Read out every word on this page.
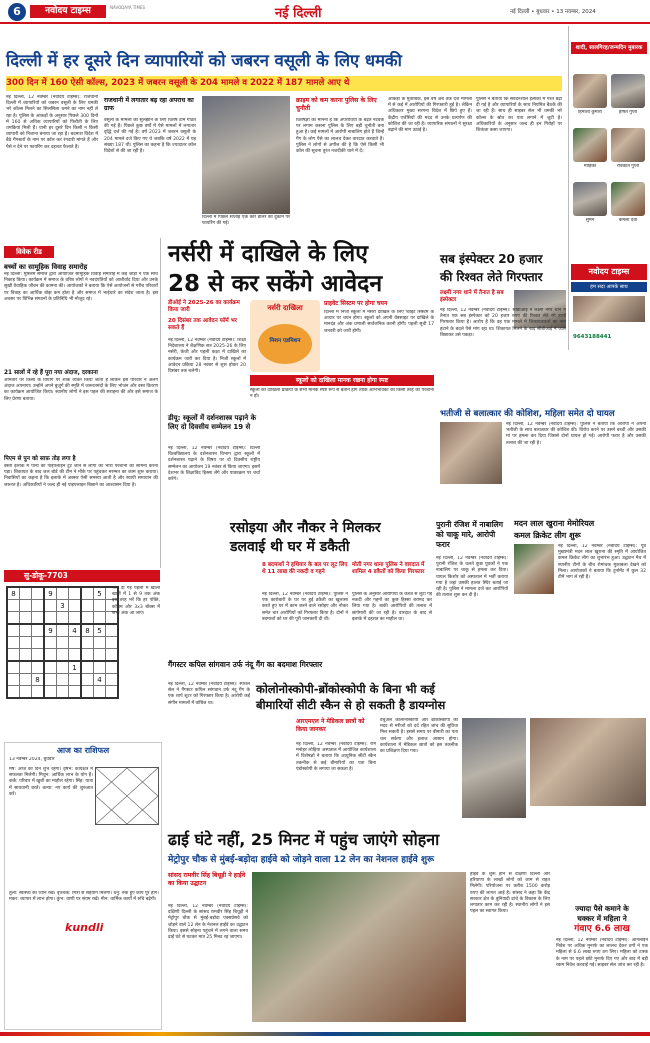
6	नवोदय टाइम्स	NAVODAYA TIMES	नई दिल्ली	नई दिल्ली • बुधवार • 13 नवम्बर, 2024
दिल्ली में हर दूसरे दिन व्यापारियों को जबरन वसूली के लिए धमकी
300 दिन में 160 ऐसी कॉल्स, 2023 में जबरन वसूली के 204 मामले व 2022 में 187 मामले आए थे
नई दिल्ली, 12 नवम्बर (नवोदय टाइम्स): राजधानी दिल्ली में व्यापारियों को जबरन वसूली के लिए धमकी भरे कॉल्स मिलने का सिलसिला थमने का नाम नहीं ले रहा है। पुलिस के आंकड़ों के अनुसार पिछले 300 दिनों में 160 से अधिक व्यापारियों को फिरौती के लिए धमकियां मिली हैं। यानी हर दूसरे दिन किसी न किसी व्यापारी को निशाना बनाया जा रहा है। बदमाश विदेश में बैठे गैंगस्टरों के नाम पर कॉल कर रंगदारी मांगते हैं और पैसे न देने पर फायरिंग कर दहशत फैलाते हैं।
राजधानी में लगातार बढ़ रहा अपराध का ग्राफ
वसूली के मामलों को सुलझाने के लिए विशेष टीमें गठित की गई हैं। पिछले कुछ वर्षों में ऐसे मामलों में लगातार वृद्धि दर्ज की गई है। वर्ष 2023 में जबरन वसूली के 204 मामले दर्ज किए गए थे जबकि वर्ष 2022 में यह संख्या 187 थी। पुलिस का कहना है कि ज्यादातर कॉल विदेशों से की जा रही हैं।
दिल्ली में पिछले सप्ताह एक कार डीलर की दुकान पर फायरिंग की गई।
क्राइम को कम करना पुलिस के लिए चुनौती
विशेषज्ञों का मानना है कि अपराधियों के बढ़ते नेटवर्क पर लगाम कसना पुलिस के लिए बड़ी चुनौती बना हुआ है। कई मामलों में आरोपी नाबालिग होते हैं जिन्हें गैंग के लोग पैसे का लालच देकर वारदात करवाते हैं। पुलिस ने लोगों से अपील की है कि ऐसे किसी भी कॉल की सूचना तुरंत नजदीकी थाने में दें।
आंकड़ों के मुताबिक, इस वर्ष अब तक दर्ज मामलों में से कई में आरोपियों की गिरफ्तारी हुई है। लेकिन अधिकतर मुख्य सरगना विदेश में छिपे हुए हैं। केंद्रीय एजेंसियों की मदद से उनके प्रत्यर्पण की कोशिश की जा रही है। व्यापारिक संगठनों ने सुरक्षा बढ़ाने की मांग उठाई है।
पुलिस ने बताया कि संवेदनशील इलाकों में गश्त बढ़ा दी गई है और व्यापारियों के साथ नियमित बैठकें की जा रही हैं। साथ ही साइबर सेल भी धमकी भरे कॉल्स के स्रोत का पता लगाने में जुटी है। अधिकारियों के अनुसार जल्द ही इन गिरोहों पर शिकंजा कसा जाएगा।
शादी, सालगिरह/जन्मदिन मुबारक
हिमांशी कुमारी	हर्षित गुप्ता
माहिका	रविकांत गुप्ता
सुमन	कमला देवी
नवोदय टाइम्स
हम सदा आपके साथ
9643188441
विवेक रीड
बच्चों का सामूहिक विवाह समारोह
नई दिल्ली: मुस्लिम समाज द्वारा आयोजित सामूहिक विवाह समारोह में कई जोड़ों ने एक साथ निकाह किया। कार्यक्रम में समाज के वरिष्ठ लोगों ने नवदंपतियों को आशीर्वाद दिया और उनके सुखी वैवाहिक जीवन की कामना की। आयोजकों ने बताया कि ऐसे आयोजनों से गरीब परिवारों पर विवाह का आर्थिक बोझ कम होता है और समाज में भाईचारे का संदेश जाता है। इस अवसर पर विभिन्न संगठनों के प्रतिनिधि भी मौजूद रहे।
21 सालों में रहे हैं पूरा नया अंदाज, दरकाना
आमतौर पर किसी के वियोग पर शोक व्यक्त किया जाता है लेकिन इस परिवार ने अलग अंदाज अपनाया। उन्होंने अपने बुजुर्ग की स्मृति में जरूरतमंदों के लिए भोजन और वस्त्र वितरण का कार्यक्रम आयोजित किया। स्थानीय लोगों ने इस पहल की सराहना की और इसे समाज के लिए प्रेरणा बताया।
पिएम से पुन को साफ़ तोड़ लगा है
बस्ती इलाके में पानी की पाइपलाइन टूट जाने से लोगों को भारी परेशानी का सामना करना पड़ा। शिकायत के बाद जल बोर्ड की टीम ने मौके पर पहुंचकर मरम्मत का काम शुरू कराया। निवासियों का कहना है कि इलाके में अक्सर ऐसी समस्या आती है और स्थायी समाधान की जरूरत है। अधिकारियों ने जल्द ही नई पाइपलाइन बिछाने का आश्वासन दिया है।
नर्सरी में दाखिले के लिए
28 से कर सकेंगे आवेदन
डीओई ने 2025-26 का कार्यक्रम किया जारी
20 दिसंबर तक आवेदन फॉर्म भर सकते हैं
नई दिल्ली, 12 नवम्बर (नवोदय टाइम्स): शिक्षा निदेशालय ने शैक्षणिक सत्र 2025-26 के लिए नर्सरी, केजी और पहली कक्षा में दाखिले का कार्यक्रम जारी कर दिया है। निजी स्कूलों में आवेदन प्रक्रिया 28 नवंबर से शुरू होकर 20 दिसंबर तक चलेगी।
नर्सरी दाखिला
मिशन एडमिशन
प्राइवेट सिस्टम पर होगा चयन
दिल्ली में निजी स्कूलों में नर्सरी दाखिले के लिए प्वाइंट सिस्टम के आधार पर चयन होगा। स्कूलों को अपनी वेबसाइट पर दाखिले के मानदंड और अंक प्रणाली सार्वजनिक करनी होगी। पहली सूची 17 जनवरी को जारी होगी।
स्कूलों को दाखिला मानक रखना होगा स्पष्ट
स्कूलों को दाखिला प्रक्रिया के सभी मानक स्पष्ट रूप से बताने होंगे ताकि अभिभावकों को किसी तरह की परेशानी न हो।
सब इंस्पेक्टर 20 हजार
की रिश्वत लेते गिरफ्तार
लक्ष्मी नगर थाने में तैनात है सब इंस्पेक्टर
नई दिल्ली, 12 नवम्बर (नवोदय टाइम्स): सीबीआई ने लक्ष्मी नगर थाने में तैनात एक सब इंस्पेक्टर को 20 हजार रुपए की रिश्वत लेते रंगे हाथों गिरफ्तार किया है। आरोप है कि वह एक मामले में शिकायतकर्ता का नाम हटाने के बदले पैसे मांग रहा था। शिकायत मिलने के बाद सीबीआई ने जाल बिछाकर उसे पकड़ा।
भतीजी से बलात्कार की कोशिश, महिला समेत दो घायल
नई दिल्ली, 12 नवम्बर (नवोदय टाइम्स): पुलिस ने बताया कि आरोपी ने अपनी भतीजी के साथ बलात्कार की कोशिश की। विरोध करने पर उसने बच्ची और उसकी मां पर हमला कर दिया जिससे दोनों घायल हो गईं। आरोपी फरार है और उसकी तलाश की जा रही है।
डीयू: स्कूलों में दर्शनशास्त्र पढ़ाने के लिए दो दिवसीय सम्मेलन 19 से
नई दिल्ली, 12 नवम्बर (नवोदय टाइम्स): दिल्ली विश्वविद्यालय के दर्शनशास्त्र विभाग द्वारा स्कूलों में दर्शनशास्त्र पढ़ाने के विषय पर दो दिवसीय राष्ट्रीय सम्मेलन का आयोजन 19 नवंबर से किया जाएगा। इसमें देशभर के शिक्षाविद हिस्सा लेंगे और पाठ्यक्रम पर चर्चा करेंगे।
रसोइया और नौकर ने मिलकर
डलवाई थी घर में डकैती
8 बदमाशों ने हथियार के बल पर लूट लिए थे 11 लाख की नकदी व गहने
मोती नगर थाना पुलिस ने वारदात में शामिल 4 डकैतों को किया गिरफ्तार
नई दिल्ली, 12 नवम्बर (नवोदय टाइम्स): पुलिस ने एक कारोबारी के घर पर हुई डकैती का खुलासा करते हुए घर में काम करने वाले रसोइए और नौकर समेत चार आरोपियों को गिरफ्तार किया है। दोनों ने बदमाशों को घर की पूरी जानकारी दी थी।
पुलिस के अनुसार आरोपियों के कब्जे से लूटी गई नकदी और गहनों का कुछ हिस्सा बरामद कर लिया गया है। बाकी आरोपियों की तलाश में छापेमारी की जा रही है। वारदात के बाद से इलाके में दहशत का माहौल था।
पुरानी रंजिश में नाबालिग को चाकू मारे, आरोपी फरार
नई दिल्ली, 12 नवम्बर (नवोदय टाइम्स): पुरानी रंजिश के चलते कुछ युवकों ने एक नाबालिग पर चाकू से हमला कर दिया। घायल किशोर को अस्पताल में भर्ती कराया गया है जहां उसकी हालत स्थिर बताई जा रही है। पुलिस ने मामला दर्ज कर आरोपियों की तलाश शुरू कर दी है।
मदन लाल खुराना मेमोरियल
कमल क्रिकेट लीग शुरू
नई दिल्ली, 12 नवम्बर (नवोदय टाइम्स): पूर्व मुख्यमंत्री मदन लाल खुराना की स्मृति में आयोजित कमल क्रिकेट लीग का शुभारंभ हुआ। उद्घाटन मैच में स्थानीय टीमों के बीच रोमांचक मुकाबला देखने को मिला। आयोजकों ने बताया कि टूर्नामेंट में कुल 32 टीमें भाग ले रही हैं।
सु-डोकू-7703
8			9				5	
				3				

			9		4	8	5	

					1			
		8					4	

नीचे दी गई पहेली में खाली खानों में 1 से 9 तक अंक इस तरह भरें कि हर पंक्ति, कॉलम और 3x3 बॉक्स में सभी अंक आ जाएं।
आज का राशिफल
13 नवम्बर 2024, बुधवार
मेष: आज का दिन शुभ रहेगा। वृषभ: कार्यक्षेत्र में सफलता मिलेगी। मिथुन: आर्थिक लाभ के योग हैं। कर्क: परिवार में खुशी का माहौल रहेगा। सिंह: यात्रा में सावधानी बरतें। कन्या: नए कार्य की शुरुआत करें।
तुला: स्वास्थ्य का ध्यान रखें। वृश्चिक: मित्रों से सहयोग मिलेगा। धनु: रुके हुए कार्य पूरे होंगे। मकर: व्यापार में लाभ होगा। कुंभ: वाणी पर संयम रखें। मीन: धार्मिक कार्यों में रुचि बढ़ेगी।
kundli
गैंगस्टर कपिल सांगवान उर्फ नंदू गैंग का बदमाश गिरफ्तार
नई दिल्ली, 12 नवम्बर (नवोदय टाइम्स): स्पेशल सेल ने गैंगस्टर कपिल सांगवान उर्फ नंदू गैंग के एक शार्प शूटर को गिरफ्तार किया है। आरोपी कई संगीन मामलों में वांछित था।
कोलोनोस्कोपी-ब्रोंकोस्कोपी के बिना भी कई
बीमारियों सीटी स्कैन से हो सकती है डायग्नोस
आरएमएल ने मेडिकल छात्रों को किया जानकर
नई दिल्ली, 12 नवम्बर (नवोदय टाइम्स): राम मनोहर लोहिया अस्पताल में आयोजित कार्यशाला में विशेषज्ञों ने बताया कि आधुनिक सीटी स्कैन तकनीक से कई बीमारियों का पता बिना एंडोस्कोपी के लगाया जा सकता है।
वर्चुअल कोलोनोस्कोपी और ब्रोंकोस्कोपी की मदद से मरीजों को दर्द रहित जांच की सुविधा मिल सकती है। इससे समय पर बीमारी का पता चल सकेगा और इलाज आसान होगा। कार्यशाला में मेडिकल छात्रों को इस तकनीक का प्रशिक्षण दिया गया।
ढाई घंटे नहीं, 25 मिनट में पहुंच जाएंगे सोहना
मेट्रोपुर चौक से मुंबई-बड़ोदा हाईवे को जोड़ने वाला 12 लेन का नेशनल हाईवे शुरू
सांसद रामवीर सिंह बिधूड़ी ने हाईवे का किया उद्घाटन
नई दिल्ली, 12 नवम्बर (नवोदय टाइम्स): दक्षिणी दिल्ली के सांसद रामवीर सिंह बिधूड़ी ने मेट्रोपुर चौक से मुंबई-बड़ोदा एक्सप्रेसवे को जोड़ने वाले 12 लेन के नेशनल हाईवे का उद्घाटन किया। इससे सोहना पहुंचने में लगने वाला समय ढाई घंटे से घटकर मात्र 25 मिनट रह जाएगा।
हाईवे के शुरू होने से दक्षिणी दिल्ली और हरियाणा के लाखों लोगों को जाम से राहत मिलेगी। परियोजना पर करीब 1500 करोड़ रुपए की लागत आई है। सांसद ने कहा कि केंद्र सरकार क्षेत्र के बुनियादी ढांचे के विकास के लिए लगातार काम कर रही है। स्थानीय लोगों ने इस पहल का स्वागत किया।	ज्यादा पैसे कमाने के
चक्कर में महिला ने
गंवाए 6.6 लाख
नई दिल्ली, 12 नवम्बर (नवोदय टाइम्स): ऑनलाइन निवेश पर अधिक मुनाफे का लालच देकर ठगों ने एक महिला से 6.6 लाख रुपए ठग लिए। महिला को टास्क के नाम पर पहले छोटे मुनाफे दिए गए और बाद में बड़ी रकम निवेश करवाई गई। साइबर सेल जांच कर रही है।
